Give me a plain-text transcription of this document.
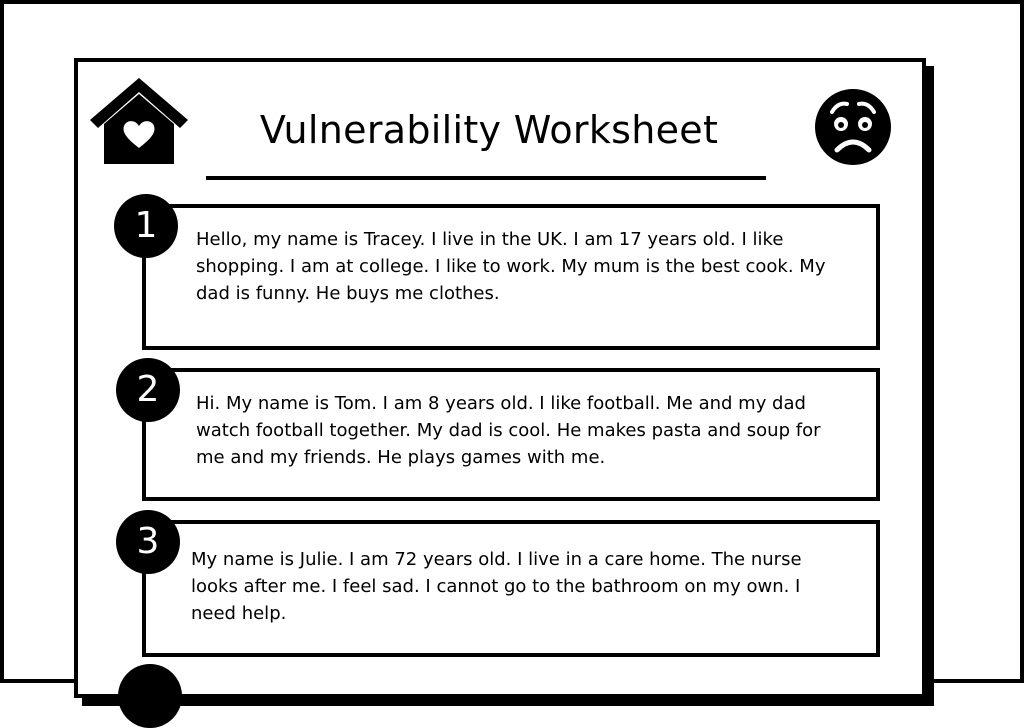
Vulnerability Worksheet

Hello, my name is Tracey. I live in the UK. I am 17 years old. I like shopping. I am at college. I like to work. My mum is the best cook. My dad is funny. He buys me clothes.

1

Hi. My name is Tom. I am 8 years old. I like football. Me and my dad watch football together. My dad is cool. He makes pasta and soup for me and my friends. He plays games with me.

2

My name is Julie. I am 72 years old. I live in a care home. The nurse looks after me. I feel sad. I cannot go to the bathroom on my own. I need help.

3
